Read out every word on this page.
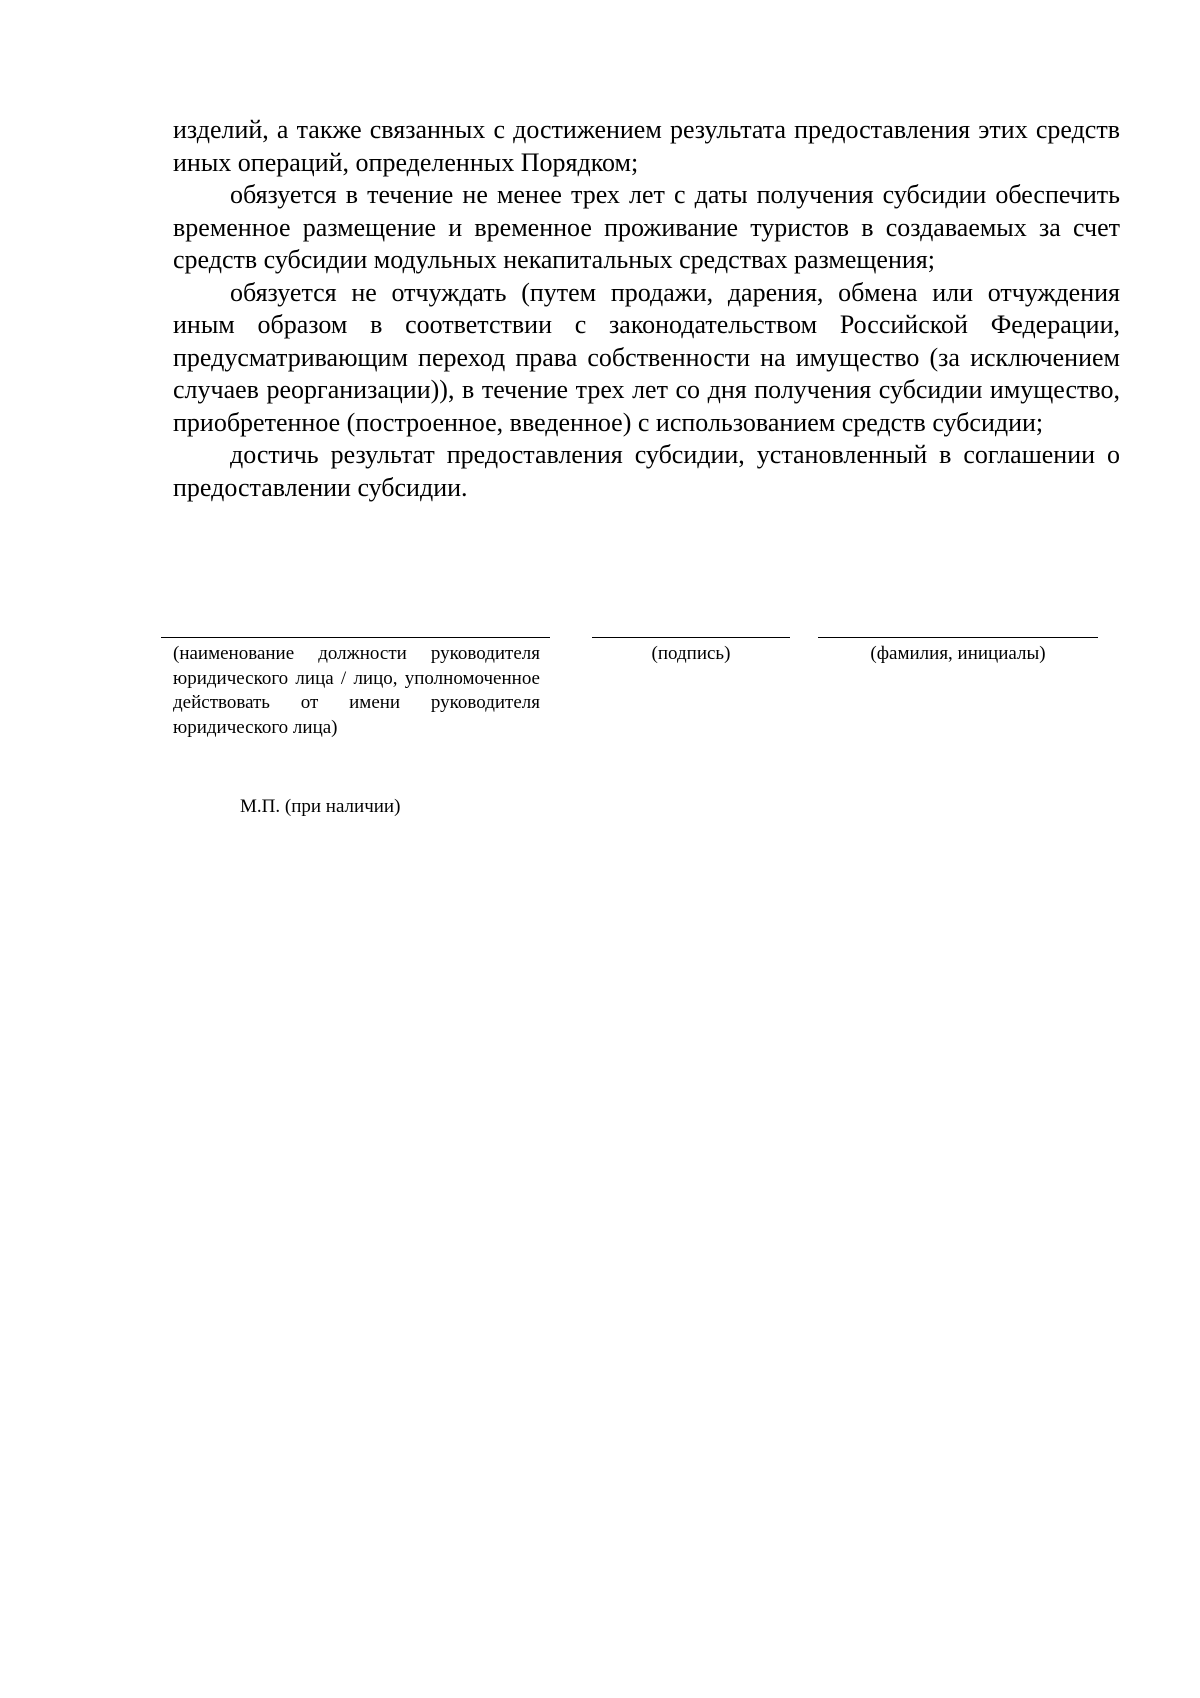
изделий, а также связанных с достижением результата предоставления этих средств иных операций, определенных Порядком;

обязуется в течение не менее трех лет с даты получения субсидии обеспечить временное размещение и временное проживание туристов в создаваемых за счет средств субсидии модульных некапитальных средствах размещения;

обязуется не отчуждать (путем продажи, дарения, обмена или отчуждения иным образом в соответствии с законодательством Российской Федерации, предусматривающим переход права собственности на имущество (за исключением случаев реорганизации)), в течение трех лет со дня получения субсидии имущество, приобретенное (построенное, введенное) с использованием средств субсидии;

достичь результат предоставления субсидии, установленный в соглашении о предоставлении субсидии.

(наименование должности руководителя юридического лица / лицо, уполномоченное действовать от имени руководителя юридического лица)
(подпись)	(фамилия, инициалы)
М.П. (при наличии)
